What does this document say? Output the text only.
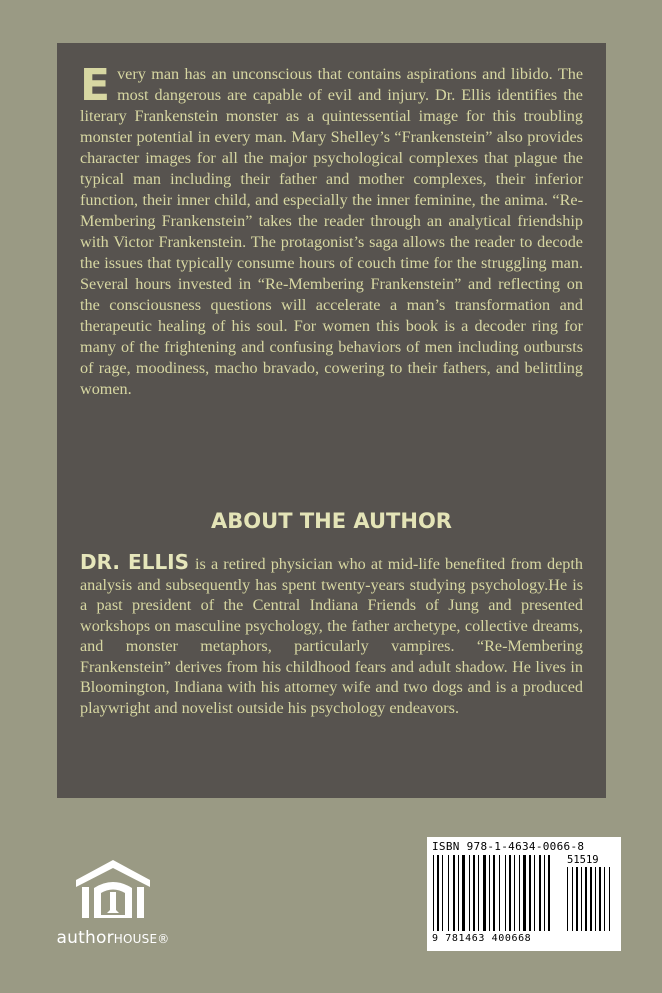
Every man has an unconscious that contains aspirations and libido. The most dangerous are capable of evil and injury. Dr. Ellis identifies the literary Frankenstein monster as a quintessential image for this troubling monster potential in every man. Mary Shelley’s “Frankenstein” also provides character images for all the major psychological complexes that plague the typical man including their father and mother complexes, their inferior function, their inner child, and especially the inner feminine, the anima. “Re-Membering Frankenstein” takes the reader through an analytical friendship with Victor Frankenstein. The protagonist’s saga allows the reader to decode the issues that typically consume hours of couch time for the struggling man. Several hours invested in “Re-Membering Frankenstein” and reflecting on the consciousness questions will accelerate a man’s transformation and therapeutic healing of his soul. For women this book is a decoder ring for many of the frightening and confusing behaviors of men including outbursts of rage, moodiness, macho bravado, cowering to their fathers, and belittling women.

ABOUT THE AUTHOR

DR. ELLIS is a retired physician who at mid-life benefited from depth analysis and subsequently has spent twenty-years studying psychology.He is a past president of the Central Indiana Friends of Jung and presented workshops on masculine psychology, the father archetype, collective dreams, and monster metaphors, particularly vampires. “Re-Membering Frankenstein” derives from his childhood fears and adult shadow. He lives in Bloomington, Indiana with his attorney wife and two dogs and is a produced playwright and novelist outside his psychology endeavors.

authorHOUSE®
ISBN 978-1-4634-0066-8
51519
9 781463 400668
